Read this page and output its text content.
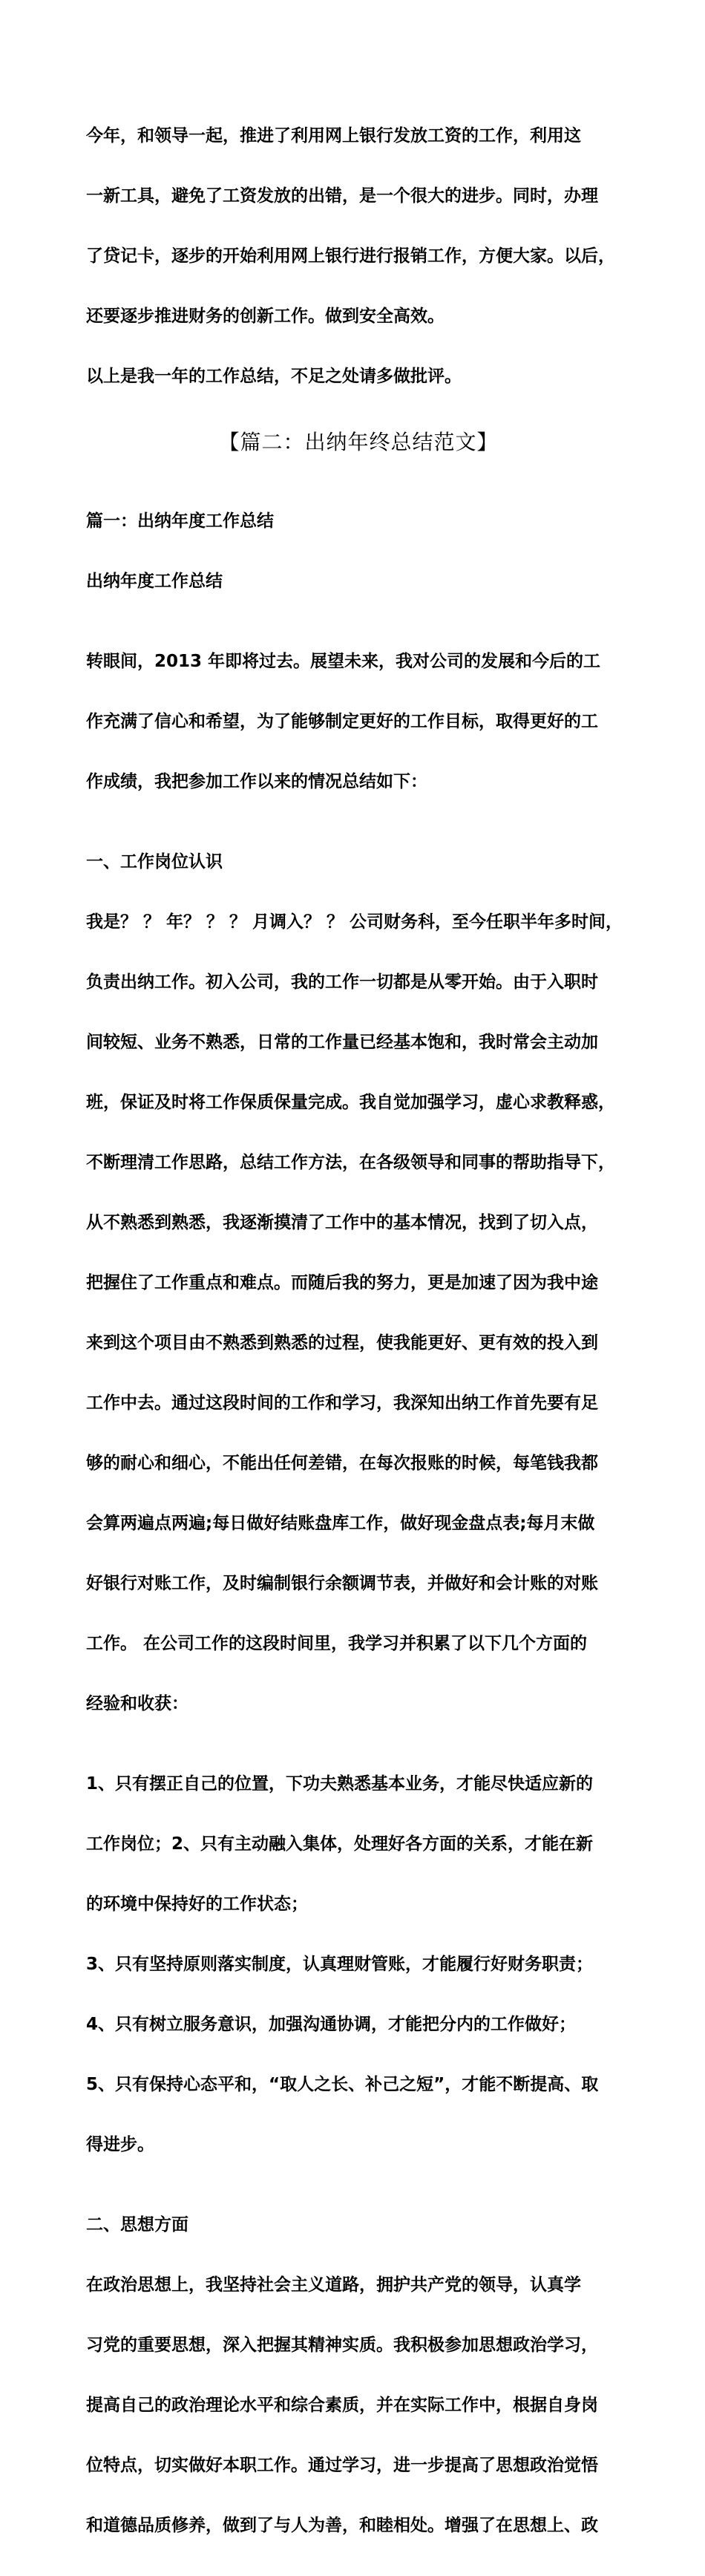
今年，和领导一起，推进了利用网上银行发放工资的工作，利用这

一新工具，避免了工资发放的出错，是一个很大的进步。同时，办理

了贷记卡，逐步的开始利用网上银行进行报销工作，方便大家。以后，

还要逐步推进财务的创新工作。做到安全高效。

以上是我一年的工作总结，不足之处请多做批评。

【篇二：出纳年终总结范文】

篇一：出纳年度工作总结

出纳年度工作总结

转眼间，2013 年即将过去。展望未来，我对公司的发展和今后的工

作充满了信心和希望，为了能够制定更好的工作目标，取得更好的工

作成绩，我把参加工作以来的情况总结如下：

一、工作岗位认识

我是？ ？ 年？ ？ ？ 月调入？ ？ 公司财务科，至今任职半年多时间，

负责出纳工作。初入公司，我的工作一切都是从零开始。由于入职时

间较短、业务不熟悉，日常的工作量已经基本饱和，我时常会主动加

班，保证及时将工作保质保量完成。我自觉加强学习，虚心求教释惑，

不断理清工作思路，总结工作方法，在各级领导和同事的帮助指导下，

从不熟悉到熟悉，我逐渐摸清了工作中的基本情况，找到了切入点，

把握住了工作重点和难点。而随后我的努力，更是加速了因为我中途

来到这个项目由不熟悉到熟悉的过程，使我能更好、更有效的投入到

工作中去。通过这段时间的工作和学习，我深知出纳工作首先要有足

够的耐心和细心，不能出任何差错，在每次报账的时候，每笔钱我都

会算两遍点两遍;每日做好结账盘库工作，做好现金盘点表;每月末做

好银行对账工作，及时编制银行余额调节表，并做好和会计账的对账

工作。 在公司工作的这段时间里，我学习并积累了以下几个方面的

经验和收获：

1、只有摆正自己的位置，下功夫熟悉基本业务，才能尽快适应新的

工作岗位；2、只有主动融入集体，处理好各方面的关系，才能在新

的环境中保持好的工作状态；

3、只有坚持原则落实制度，认真理财管账，才能履行好财务职责；

4、只有树立服务意识，加强沟通协调，才能把分内的工作做好；

5、只有保持心态平和，“取人之长、补己之短”，才能不断提高、取

得进步。

二、思想方面

在政治思想上，我坚持社会主义道路，拥护共产党的领导，认真学

习党的重要思想，深入把握其精神实质。我积极参加思想政治学习，

提高自己的政治理论水平和综合素质，并在实际工作中，根据自身岗

位特点，切实做好本职工作。通过学习，进一步提高了思想政治觉悟

和道德品质修养，做到了与人为善，和睦相处。增强了在思想上、政
